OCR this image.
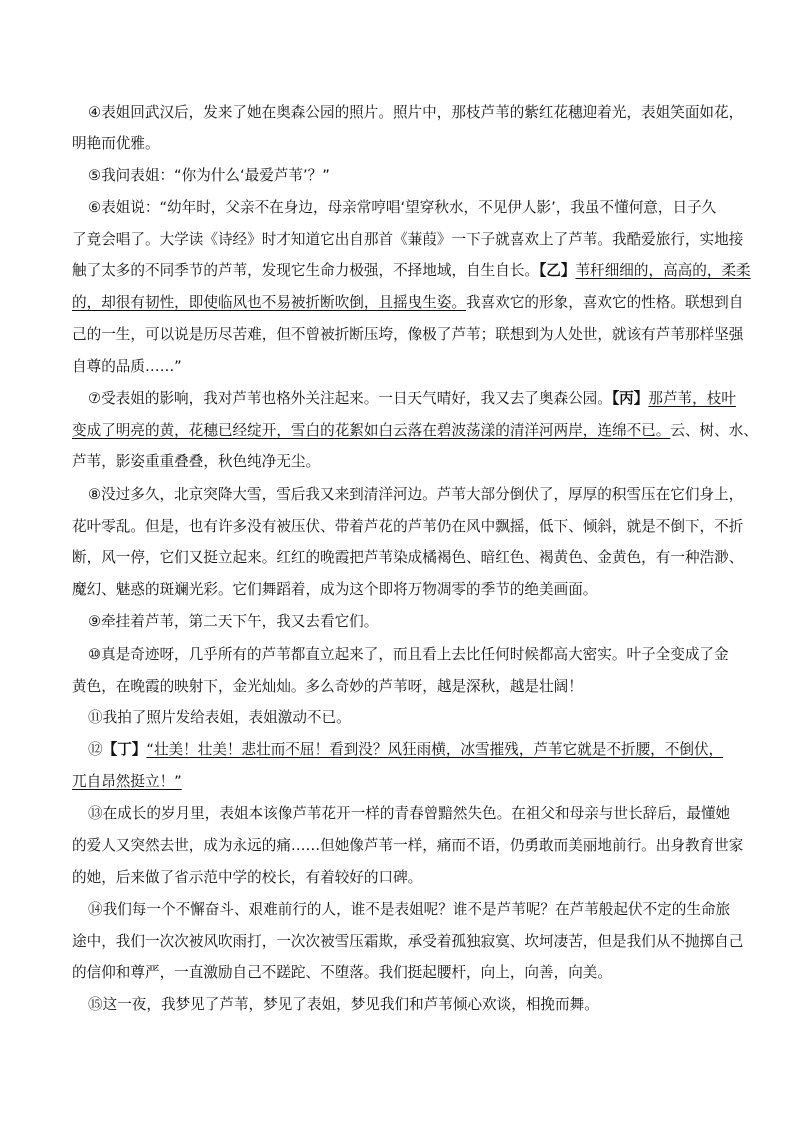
④表姐回武汉后，发来了她在奥森公园的照片。照片中，那枝芦苇的紫红花穗迎着光，表姐笑面如花，
明艳而优雅。
⑤我问表姐：“你为什么‘最爱芦苇’？”
⑥表姐说：“幼年时，父亲不在身边，母亲常哼唱‘望穿秋水，不见伊人影’，我虽不懂何意，日子久
了竟会唱了。大学读《诗经》时才知道它出自那首《蒹葭》一下子就喜欢上了芦苇。我酷爱旅行，实地接
触了太多的不同季节的芦苇，发现它生命力极强，不择地域，自生自长。【乙】苇秆细细的，高高的，柔柔
的，却很有韧性，即使临风也不易被折断吹倒，且摇曳生姿。我喜欢它的形象，喜欢它的性格。联想到自
己的一生，可以说是历尽苦难，但不曾被折断压垮，像极了芦苇；联想到为人处世，就该有芦苇那样坚强
自尊的品质……”
⑦受表姐的影响，我对芦苇也格外关注起来。一日天气晴好，我又去了奥森公园。【丙】那芦苇，枝叶
变成了明亮的黄，花穗已经绽开，雪白的花絮如白云落在碧波荡漾的清洋河两岸，连绵不已。云、树、水、
芦苇，影姿重重叠叠，秋色纯净无尘。
⑧没过多久，北京突降大雪，雪后我又来到清洋河边。芦苇大部分倒伏了，厚厚的积雪压在它们身上，
花叶零乱。但是，也有许多没有被压伏、带着芦花的芦苇仍在风中飘摇，低下、倾斜，就是不倒下，不折
断，风一停，它们又挺立起来。红红的晚霞把芦苇染成橘褐色、暗红色、褐黄色、金黄色，有一种浩渺、
魔幻、魅惑的斑斓光彩。它们舞蹈着，成为这个即将万物凋零的季节的绝美画面。
⑨牵挂着芦苇，第二天下午，我又去看它们。
⑩真是奇迹呀，几乎所有的芦苇都直立起来了，而且看上去比任何时候都高大密实。叶子全变成了金
黄色，在晚霞的映射下，金光灿灿。多么奇妙的芦苇呀，越是深秋，越是壮阔！
⑪我拍了照片发给表姐，表姐激动不已。
⑫【丁】“壮美！壮美！悲壮而不屈！看到没？风狂雨横，冰雪摧残，芦苇它就是不折腰，不倒伏，
兀自昂然挺立！”
⑬在成长的岁月里，表姐本该像芦苇花开一样的青春曾黯然失色。在祖父和母亲与世长辞后，最懂她
的爱人又突然去世，成为永远的痛……但她像芦苇一样，痛而不语，仍勇敢而美丽地前行。出身教育世家
的她，后来做了省示范中学的校长，有着较好的口碑。
⑭我们每一个不懈奋斗、艰难前行的人，谁不是表姐呢？谁不是芦苇呢？在芦苇般起伏不定的生命旅
途中，我们一次次被风吹雨打，一次次被雪压霜欺，承受着孤独寂寞、坎坷凄苦，但是我们从不抛掷自己
的信仰和尊严，一直激励自己不蹉跎、不堕落。我们挺起腰杆，向上，向善，向美。
⑮这一夜，我梦见了芦苇，梦见了表姐，梦见我们和芦苇倾心欢谈，相挽而舞。
